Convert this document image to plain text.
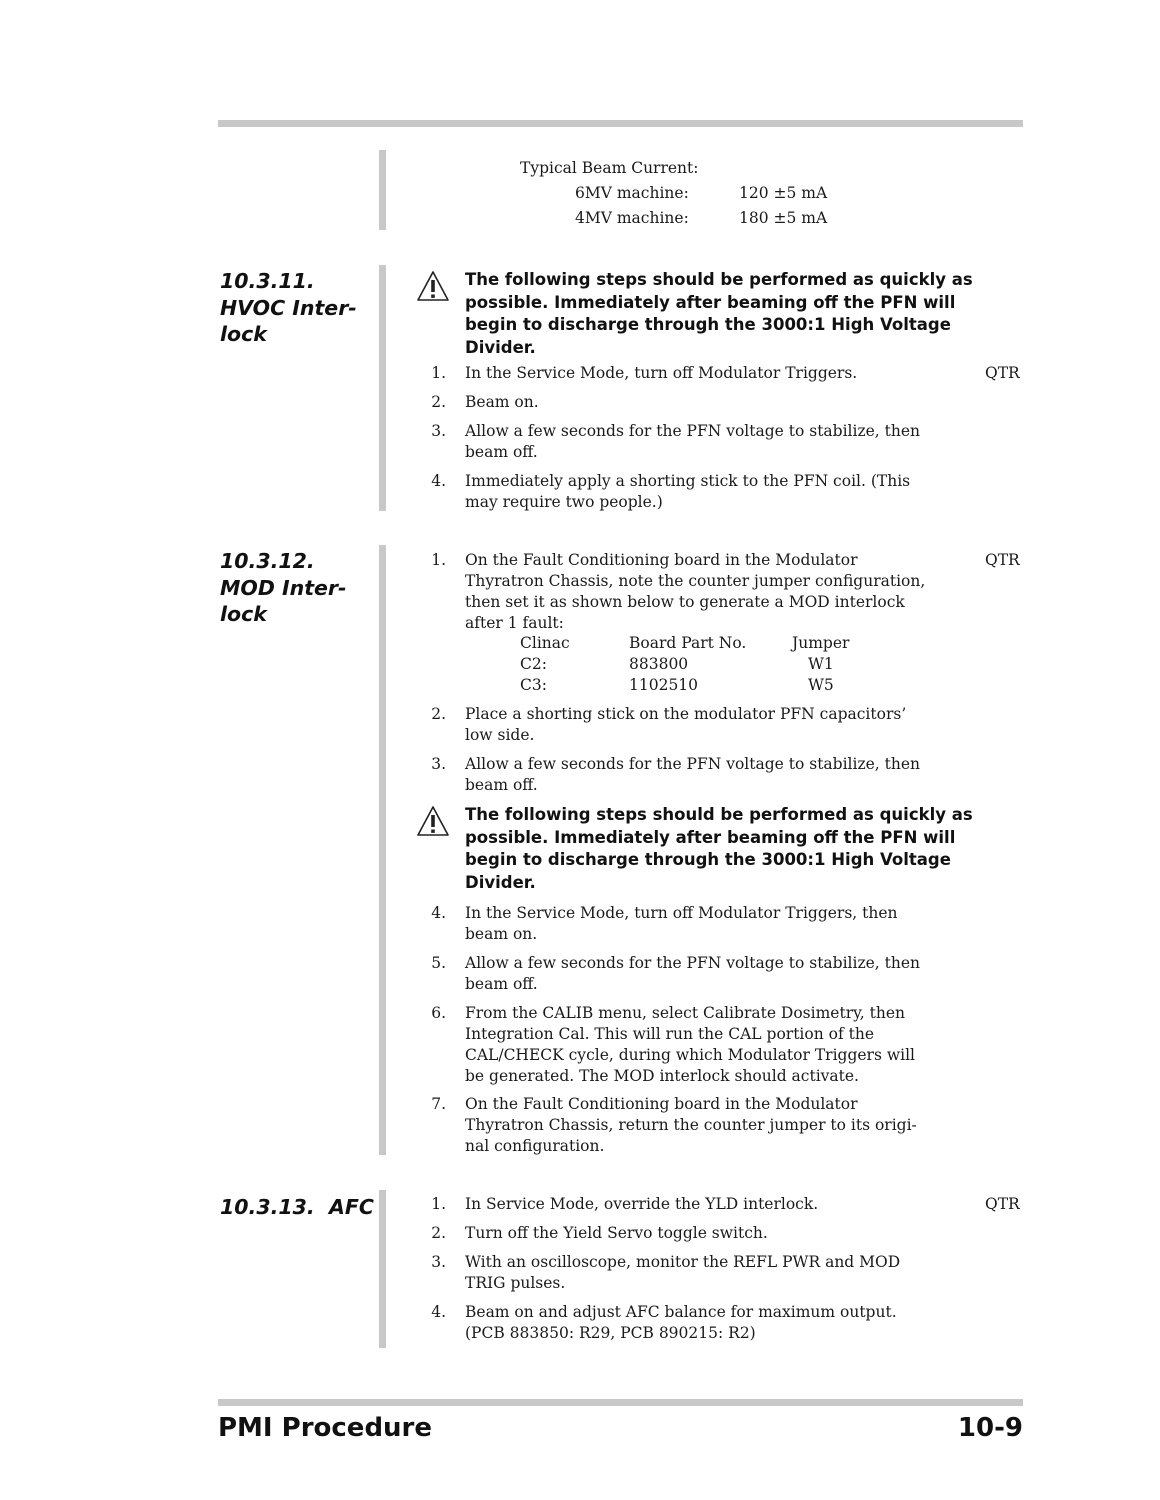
Typical Beam Current:
6MV machine:	120 ±5 mA
4MV machine:	180 ±5 mA
10.3.11.
HVOC Inter-
lock
The following steps should be performed as quickly as
possible. Immediately after beaming off the PFN will
begin to discharge through the 3000:1 High Voltage
Divider.
1. In the Service Mode, turn off Modulator Triggers.	QTR
2. Beam on.
3. Allow a few seconds for the PFN voltage to stabilize, then
beam off.
4. Immediately apply a shorting stick to the PFN coil. (This
may require two people.)
10.3.12.
MOD Inter-
lock
1. On the Fault Conditioning board in the Modulator
Thyratron Chassis, note the counter jumper configuration,
then set it as shown below to generate a MOD interlock
after 1 fault:
QTR
Clinac	Board Part No.	Jumper
C2:	883800	W1
C3:	1102510	W5
2. Place a shorting stick on the modulator PFN capacitors’
low side.
3. Allow a few seconds for the PFN voltage to stabilize, then
beam off.
The following steps should be performed as quickly as
possible. Immediately after beaming off the PFN will
begin to discharge through the 3000:1 High Voltage
Divider.
4. In the Service Mode, turn off Modulator Triggers, then
beam on.
5. Allow a few seconds for the PFN voltage to stabilize, then
beam off.
6. From the CALIB menu, select Calibrate Dosimetry, then
Integration Cal. This will run the CAL portion of the
CAL/CHECK cycle, during which Modulator Triggers will
be generated. The MOD interlock should activate.
7. On the Fault Conditioning board in the Modulator
Thyratron Chassis, return the counter jumper to its origi-
nal configuration.
10.3.13.  AFC	1. In Service Mode, override the YLD interlock.	QTR
2. Turn off the Yield Servo toggle switch.
3. With an oscilloscope, monitor the REFL PWR and MOD
TRIG pulses.
4. Beam on and adjust AFC balance for maximum output.
(PCB 883850: R29, PCB 890215: R2)
PMI Procedure	10-9
